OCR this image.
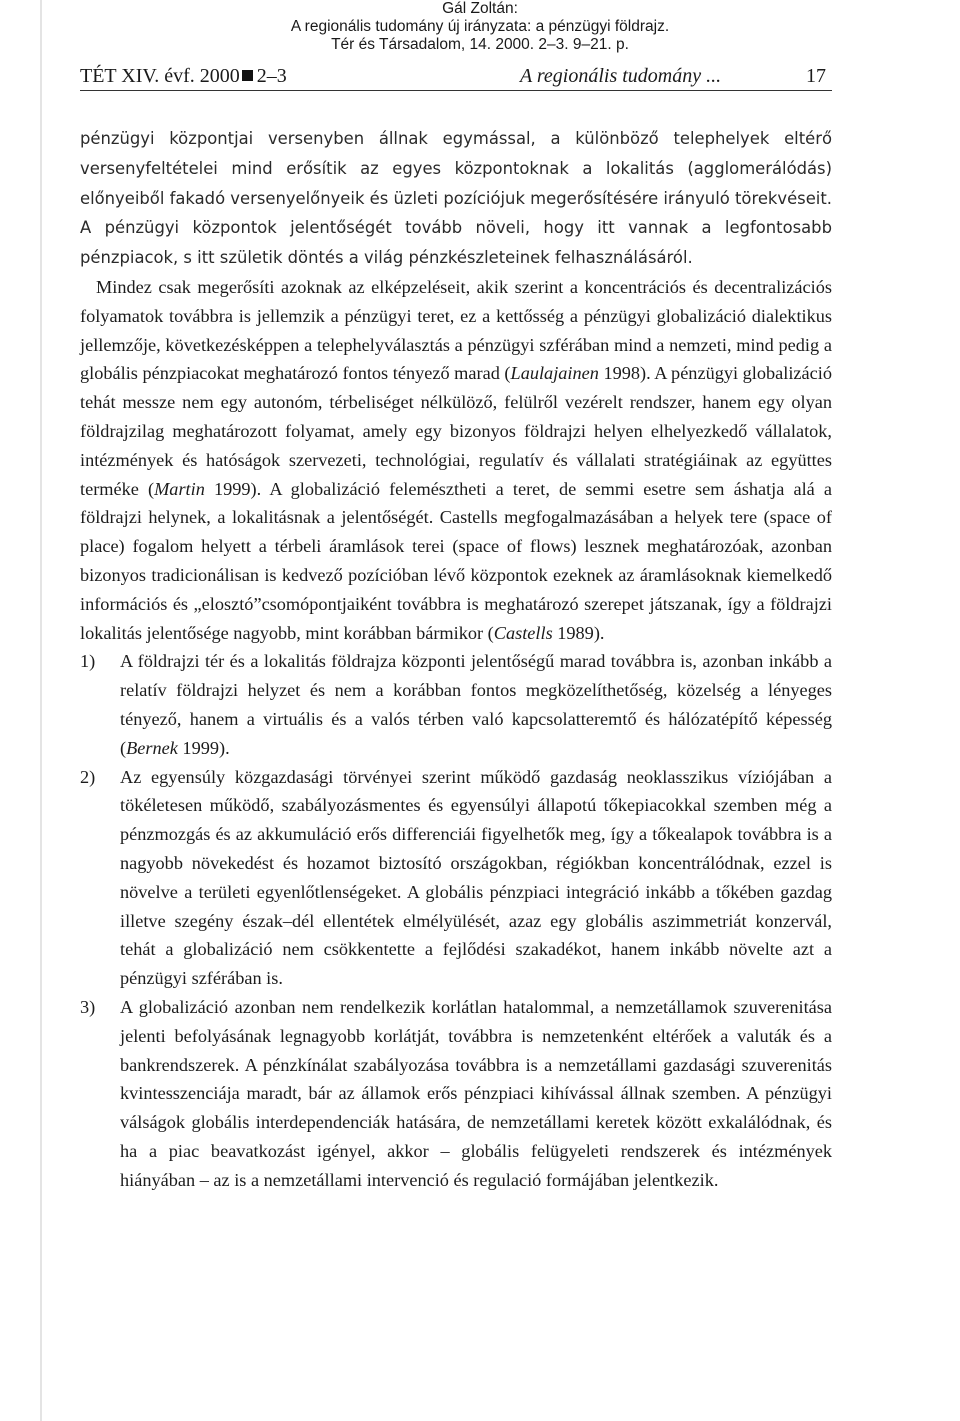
Gál Zoltán:
A regionális tudomány új irányzata: a pénzügyi földrajz.
Tér és Társadalom, 14. 2000. 2–3. 9–21. p.
TÉT XIV. évf. 2000 2–3	A regionális tudomány ...	17

pénzügyi központjai versenyben állnak egymással, a különböző telephelyek eltérő versenyfeltételei mind erősítik az egyes központoknak a lokalitás (agglomerálódás) előnyeiből fakadó versenyelőnyeik és üzleti pozíciójuk megerősítésére irányuló törekvéseit. A pénzügyi központok jelentőségét tovább növeli, hogy itt vannak a legfontosabb pénzpiacok, s itt születik döntés a világ pénzkészleteinek felhasználásáról.

Mindez csak megerősíti azoknak az elképzeléseit, akik szerint a koncentrációs és decentralizációs folyamatok továbbra is jellemzik a pénzügyi teret, ez a kettősség a pénzügyi globalizáció dialektikus jellemzője, következésképpen a telephelyválasztás a pénzügyi szférában mind a nemzeti, mind pedig a globális pénzpiacokat meghatározó fontos tényező marad (Laulajainen 1998). A pénzügyi globalizáció tehát messze nem egy autonóm, térbeliséget nélkülöző, felülről vezérelt rendszer, hanem egy olyan földrajzilag meghatározott folyamat, amely egy bizonyos földrajzi helyen elhelyezkedő vállalatok, intézmények és hatóságok szervezeti, technológiai, regulatív és vállalati stratégiáinak az együttes terméke (Martin 1999). A globalizáció felemésztheti a teret, de semmi esetre sem áshatja alá a földrajzi helynek, a lokalitásnak a jelentőségét. Castells megfogalmazásában a helyek tere (space of place) fogalom helyett a térbeli áramlások terei (space of flows) lesznek meghatározóak, azonban bizonyos tradicionálisan is kedvező pozícióban lévő központok ezeknek az áramlásoknak kiemelkedő információs és „elosztó”csomópontjaiként továbbra is meghatározó szerepet játszanak, így a földrajzi lokalitás jelentősége nagyobb, mint korábban bármikor (Castells 1989).

1) A földrajzi tér és a lokalitás földrajza központi jelentőségű marad továbbra is, azonban inkább a relatív földrajzi helyzet és nem a korábban fontos megközelíthetőség, közelség a lényeges tényező, hanem a virtuális és a valós térben való kapcsolatteremtő és hálózatépítő képesség (Bernek 1999).

2) Az egyensúly közgazdasági törvényei szerint működő gazdaság neoklasszikus víziójában a tökéletesen működő, szabályozásmentes és egyensúlyi állapotú tőkepiacokkal szemben még a pénzmozgás és az akkumuláció erős differenciái figyelhetők meg, így a tőkealapok továbbra is a nagyobb növekedést és hozamot biztosító országokban, régiókban koncentrálódnak, ezzel is növelve a területi egyenlőtlenségeket. A globális pénzpiaci integráció inkább a tőkében gazdag illetve szegény észak–dél ellentétek elmélyülését, azaz egy globális aszimmetriát konzervál, tehát a globalizáció nem csökkentette a fejlődési szakadékot, hanem inkább növelte azt a pénzügyi szférában is.

3) A globalizáció azonban nem rendelkezik korlátlan hatalommal, a nemzetállamok szuverenitása jelenti befolyásának legnagyobb korlátját, továbbra is nemzetenként eltérőek a valuták és a bankrendszerek. A pénzkínálat szabályozása továbbra is a nemzetállami gazdasági szuverenitás kvintesszenciája maradt, bár az államok erős pénzpiaci kihívással állnak szemben. A pénzügyi válságok globális interdependenciák hatására, de nemzetállami keretek között exkalálódnak, és ha a piac beavatkozást igényel, akkor – globális felügyeleti rendszerek és intézmények hiányában – az is a nemzetállami intervenció és regulació formájában jelentkezik.
